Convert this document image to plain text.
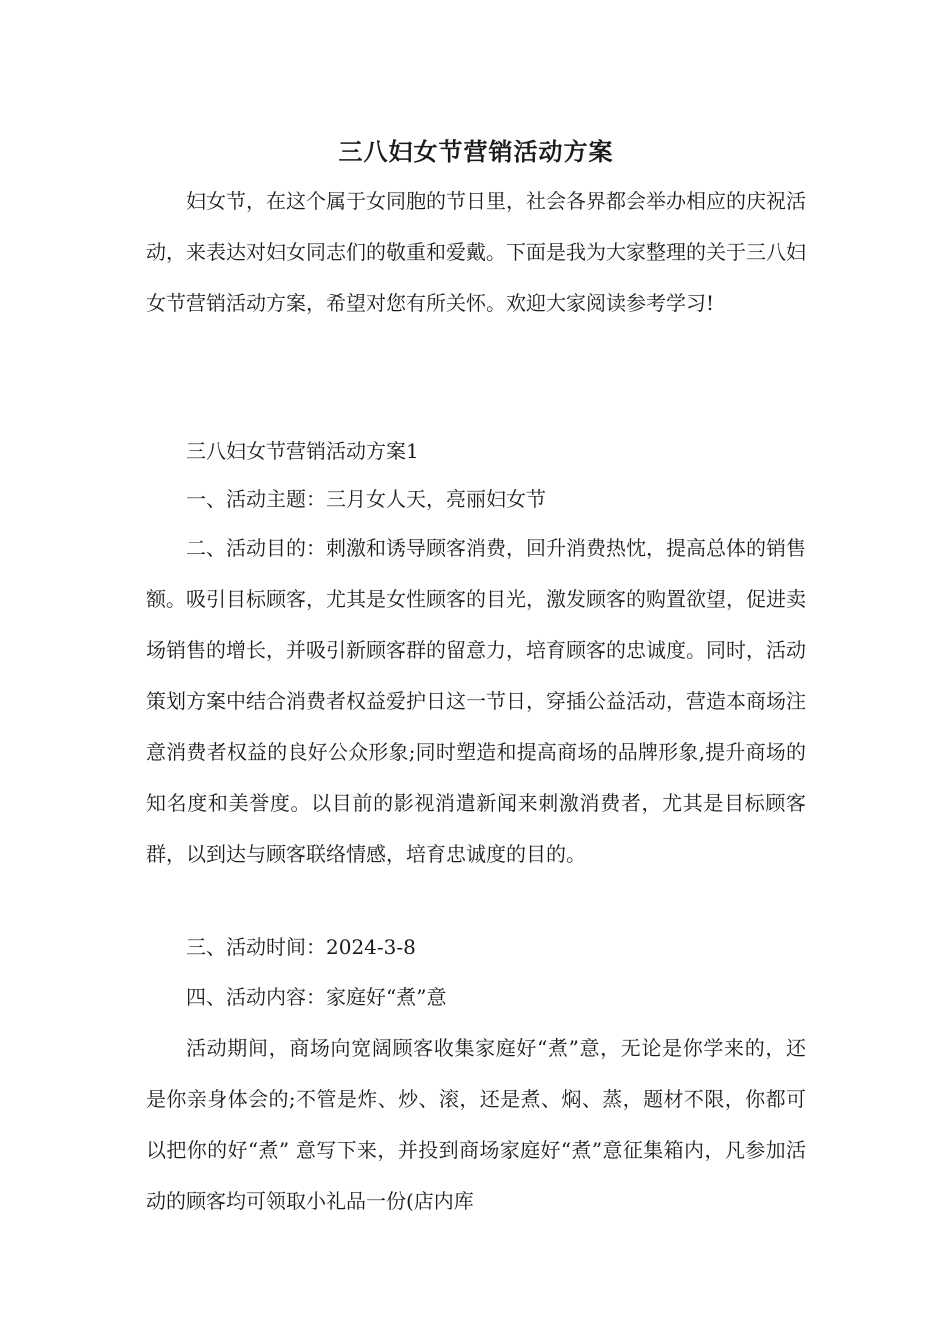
三八妇女节营销活动方案

妇女节，在这个属于女同胞的节日里，社会各界都会举办相应的庆祝活动，来表达对妇女同志们的敬重和爱戴。下面是我为大家整理的关于三八妇女节营销活动方案，希望对您有所关怀。欢迎大家阅读参考学习!

三八妇女节营销活动方案1

一、活动主题：三月女人天，亮丽妇女节

二、活动目的：刺激和诱导顾客消费，回升消费热忱，提高总体的销售额。吸引目标顾客，尤其是女性顾客的目光，激发顾客的购置欲望，促进卖场销售的增长，并吸引新顾客群的留意力，培育顾客的忠诚度。同时，活动策划方案中结合消费者权益爱护日这一节日，穿插公益活动，营造本商场注意消费者权益的良好公众形象;同时塑造和提高商场的品牌形象,提升商场的知名度和美誉度。以目前的影视消遣新闻来刺激消费者，尤其是目标顾客群，以到达与顾客联络情感，培育忠诚度的目的。

三、活动时间：2024-3-8

四、活动内容：家庭好“煮”意

活动期间，商场向宽阔顾客收集家庭好“煮”意，无论是你学来的，还是你亲身体会的;不管是炸、炒、滚，还是煮、焖、蒸，题材不限，你都可以把你的好“煮” 意写下来，并投到商场家庭好“煮”意征集箱内，凡参加活动的顾客均可领取小礼品一份(店内库
